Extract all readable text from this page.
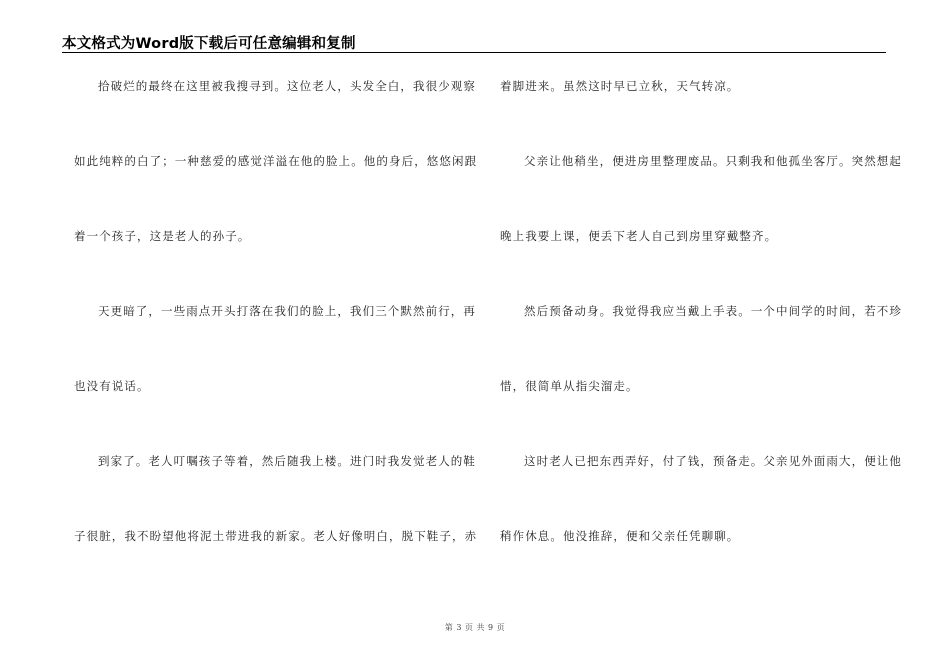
本文格式为Word版下载后可任意编辑和复制
拾破烂的最终在这里被我搜寻到。这位老人，头发全白，我很少观察
如此纯粹的白了；一种慈爱的感觉洋溢在他的脸上。他的身后，悠悠闲跟
着一个孩子，这是老人的孙子。
天更暗了，一些雨点开头打落在我们的脸上，我们三个默然前行，再
也没有说话。
到家了。老人叮嘱孩子等着，然后随我上楼。进门时我发觉老人的鞋
子很脏，我不盼望他将泥土带进我的新家。老人好像明白，脱下鞋子，赤
着脚进来。虽然这时早已立秋，天气转凉。
父亲让他稍坐，便进房里整理废品。只剩我和他孤坐客厅。突然想起
晚上我要上课，便丢下老人自己到房里穿戴整齐。
然后预备动身。我觉得我应当戴上手表。一个中间学的时间，若不珍
惜，很简单从指尖溜走。
这时老人已把东西弄好，付了钱，预备走。父亲见外面雨大，便让他
稍作休息。他没推辞，便和父亲任凭聊聊。
第 3 页 共 9 页
